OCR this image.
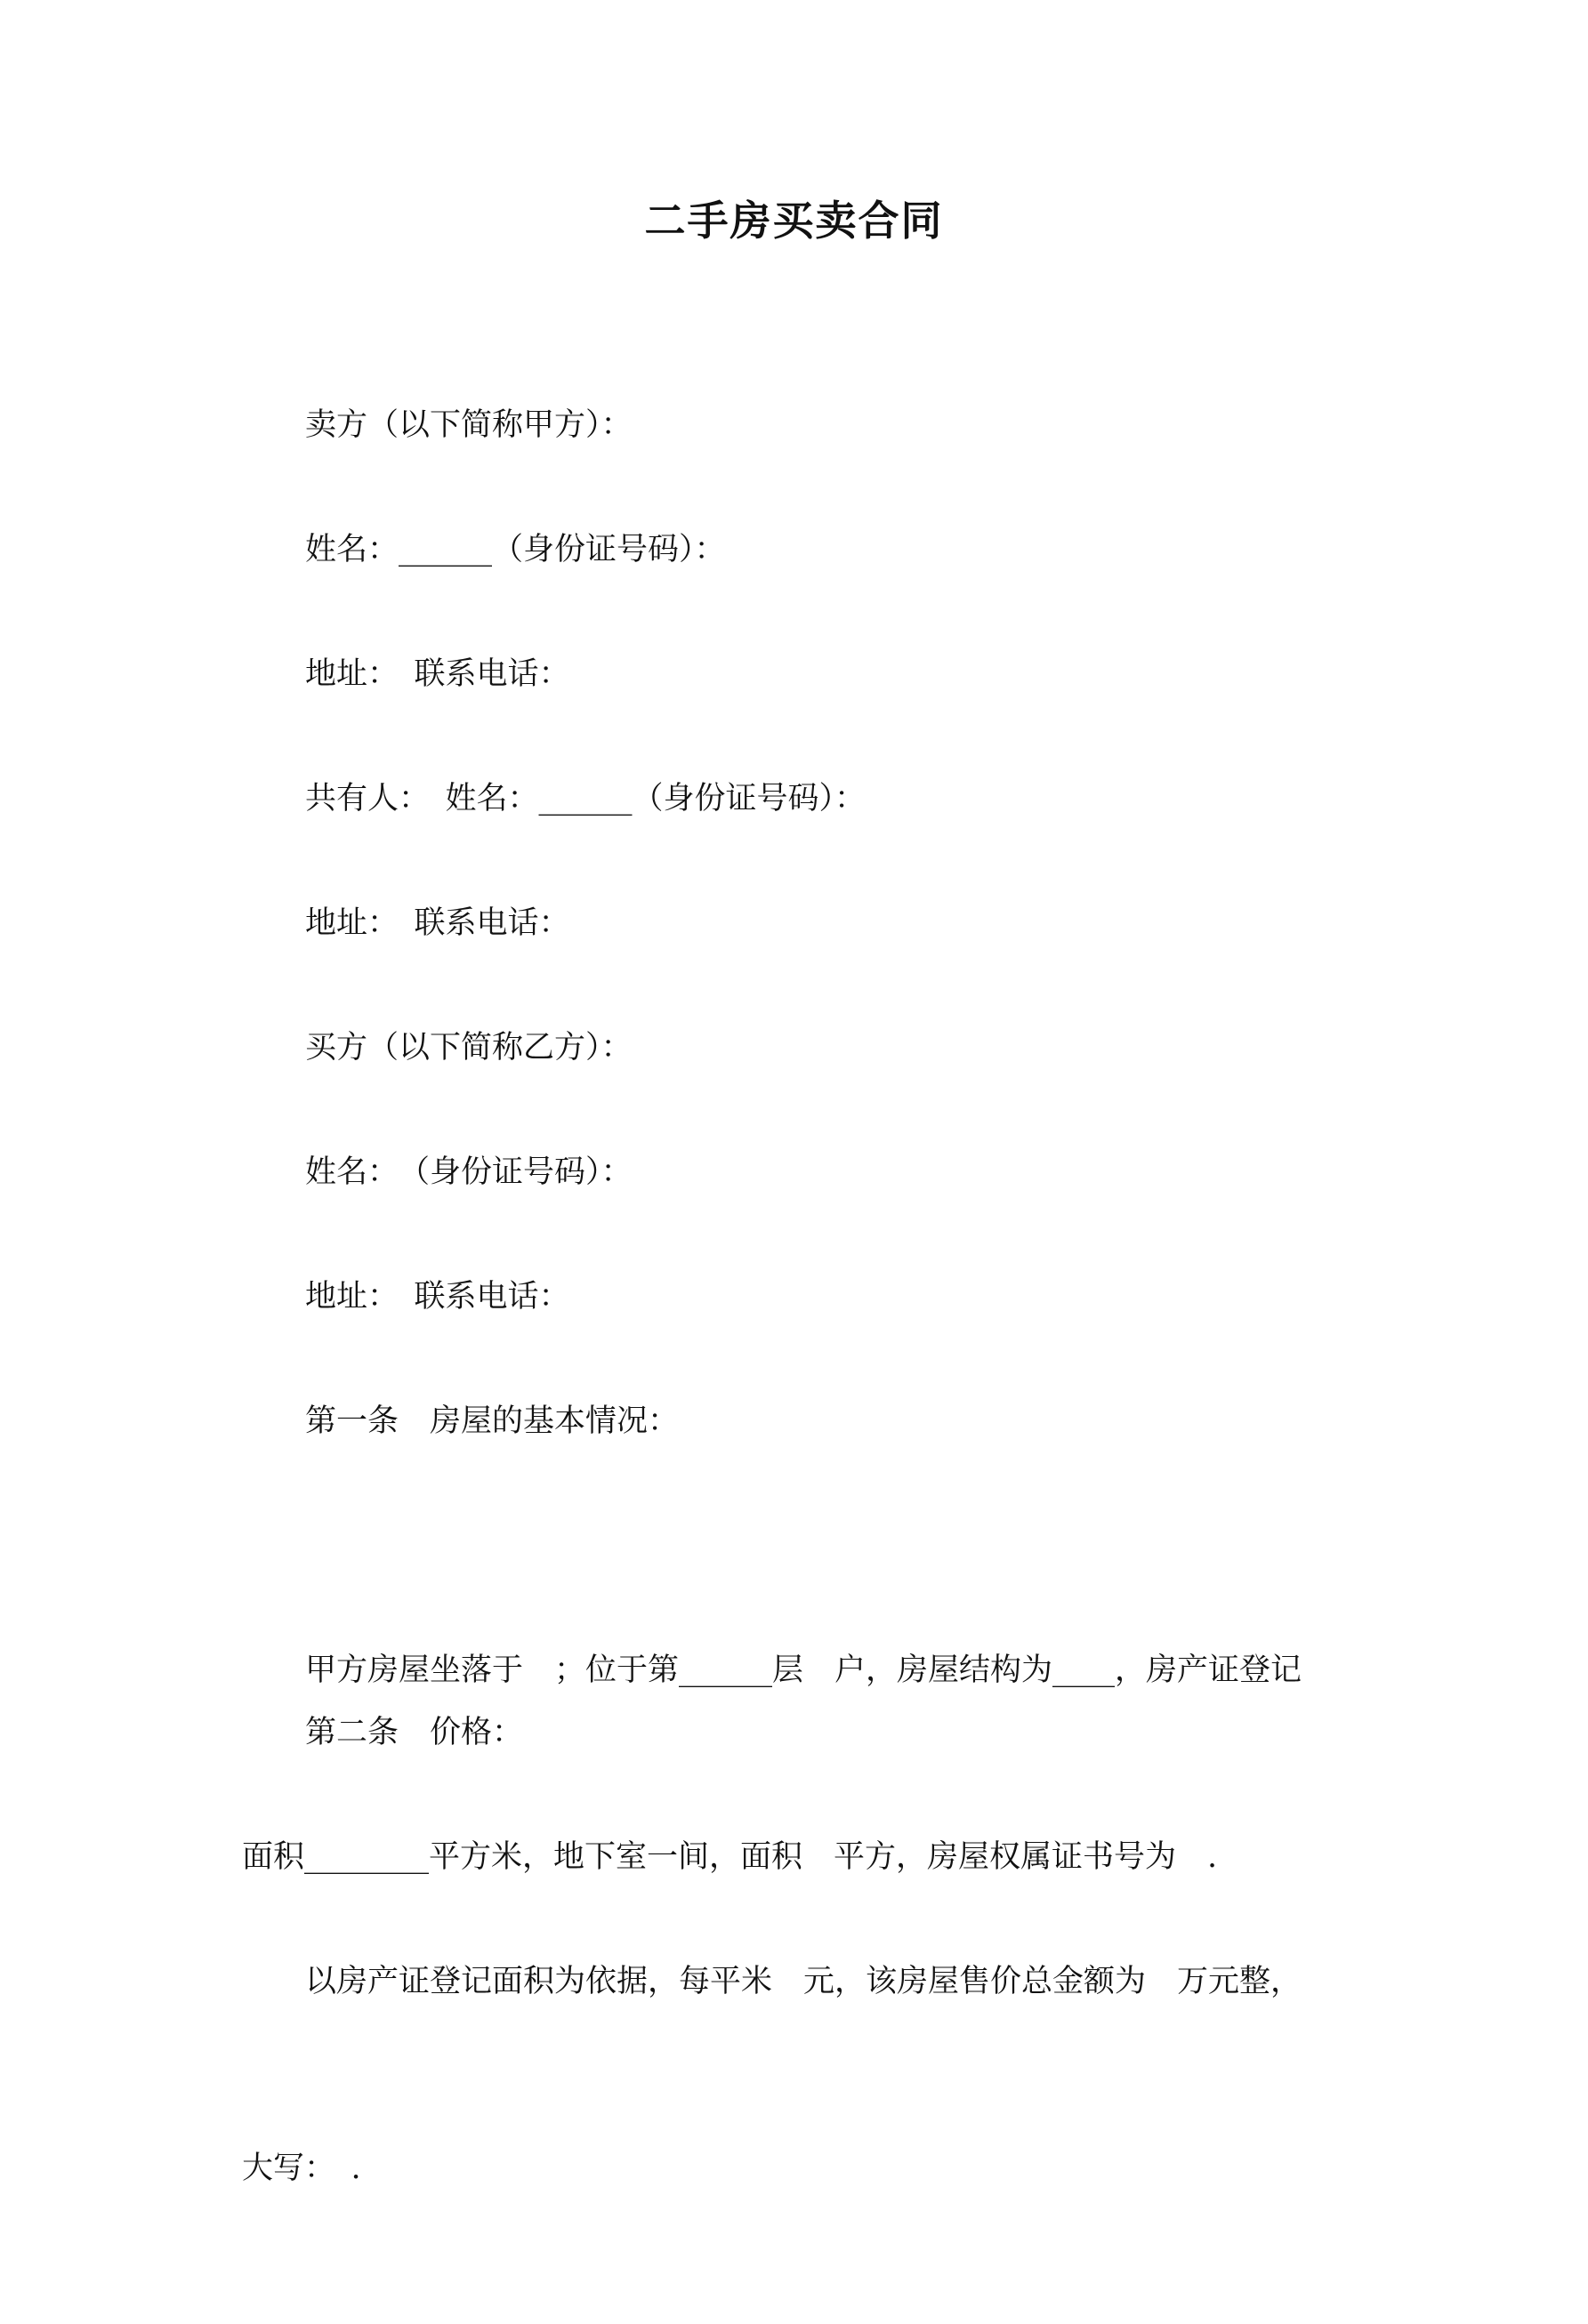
二手房买卖合同

卖方（以下简称甲方）：

姓名：______（身份证号码）：

地址：　联系电话：

共有人：　姓名：______（身份证号码）：

地址：　联系电话：

买方（以下简称乙方）：

姓名：　（身份证号码）：

地址：　联系电话：

第一条　房屋的基本情况：

甲方房屋坐落于　；位于第______层　户，房屋结构为____，房产证登记

面积________平方米，地下室一间，面积　平方，房屋权属证书号为　.

第二条　价格：

以房产证登记面积为依据，每平米　元，该房屋售价总金额为　万元整，

大写：　.
